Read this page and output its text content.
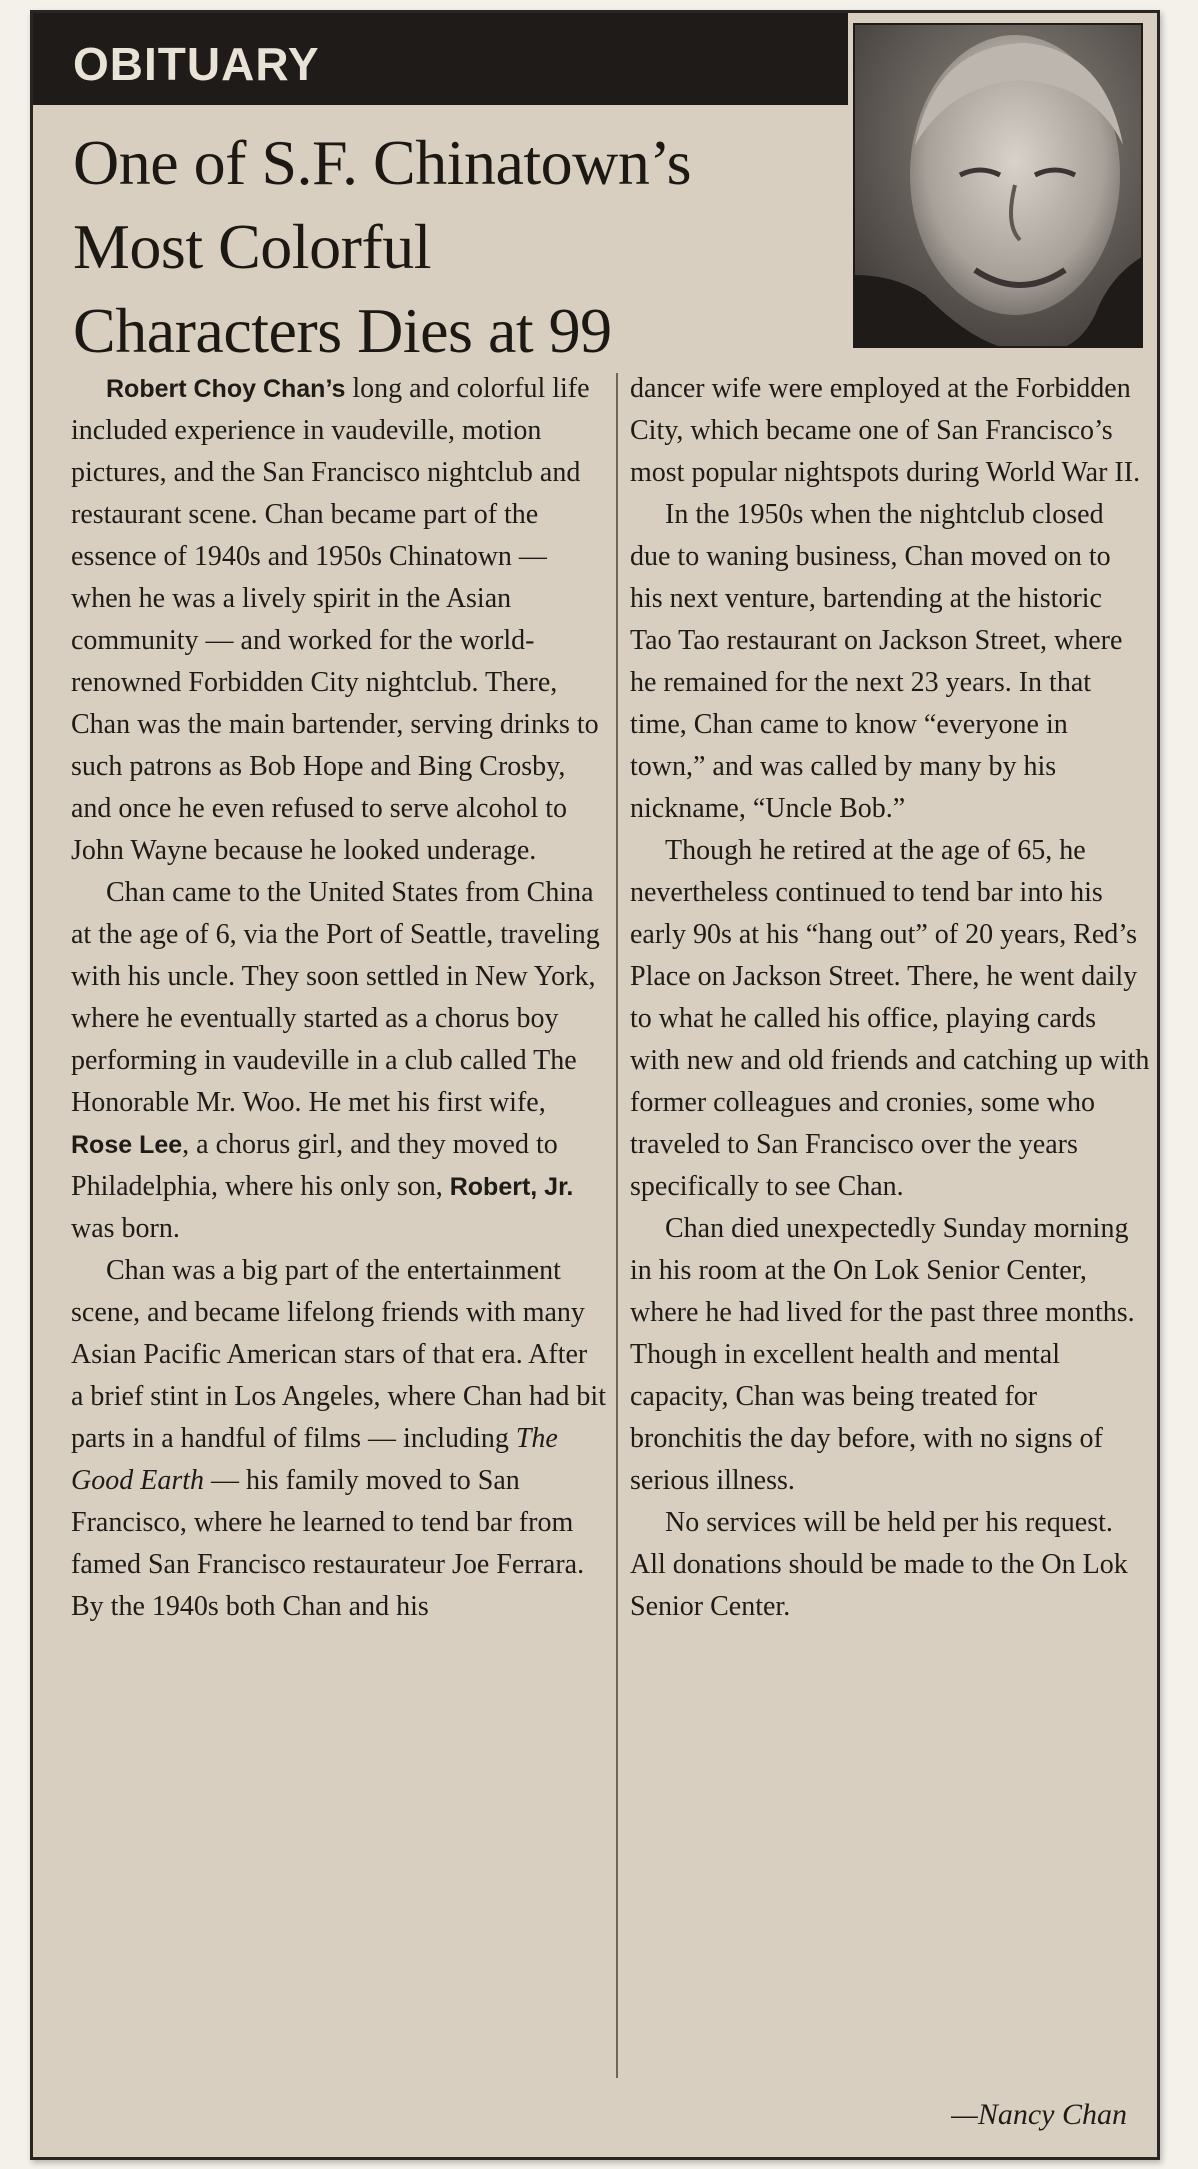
OBITUARY
One of S.F. Chinatown’s
Most Colorful
Characters Dies at 99

Robert Choy Chan’s long and colorful life included experience in vaudeville, motion pictures, and the San Francisco nightclub and restaurant scene. Chan became part of the essence of 1940s and 1950s Chinatown — when he was a lively spirit in the Asian community — and worked for the world-renowned Forbidden City nightclub. There, Chan was the main bartender, serving drinks to such patrons as Bob Hope and Bing Crosby, and once he even refused to serve alcohol to John Wayne because he looked underage.

Chan came to the United States from China at the age of 6, via the Port of Seattle, traveling with his uncle. They soon settled in New York, where he eventually started as a chorus boy performing in vaudeville in a club called The Honorable Mr. Woo. He met his first wife, Rose Lee, a chorus girl, and they moved to Philadelphia, where his only son, Robert, Jr. was born.

Chan was a big part of the entertainment scene, and became lifelong friends with many Asian Pacific American stars of that era. After a brief stint in Los Angeles, where Chan had bit parts in a handful of films — including The Good Earth — his family moved to San Francisco, where he learned to tend bar from famed San Francisco restaurateur Joe Ferrara. By the 1940s both Chan and his

dancer wife were employed at the Forbidden City, which became one of San Francisco’s most popular nightspots during World War II.

In the 1950s when the nightclub closed due to waning business, Chan moved on to his next venture, bartending at the historic Tao Tao restaurant on Jackson Street, where he remained for the next 23 years. In that time, Chan came to know “everyone in town,” and was called by many by his nickname, “Uncle Bob.”

Though he retired at the age of 65, he nevertheless continued to tend bar into his early 90s at his “hang out” of 20 years, Red’s Place on Jackson Street. There, he went daily to what he called his office, playing cards with new and old friends and catching up with former colleagues and cronies, some who traveled to San Francisco over the years specifically to see Chan.

Chan died unexpectedly Sunday morning in his room at the On Lok Senior Center, where he had lived for the past three months. Though in excellent health and mental capacity, Chan was being treated for bronchitis the day before, with no signs of serious illness.

No services will be held per his request. All donations should be made to the On Lok Senior Center.

—Nancy Chan
